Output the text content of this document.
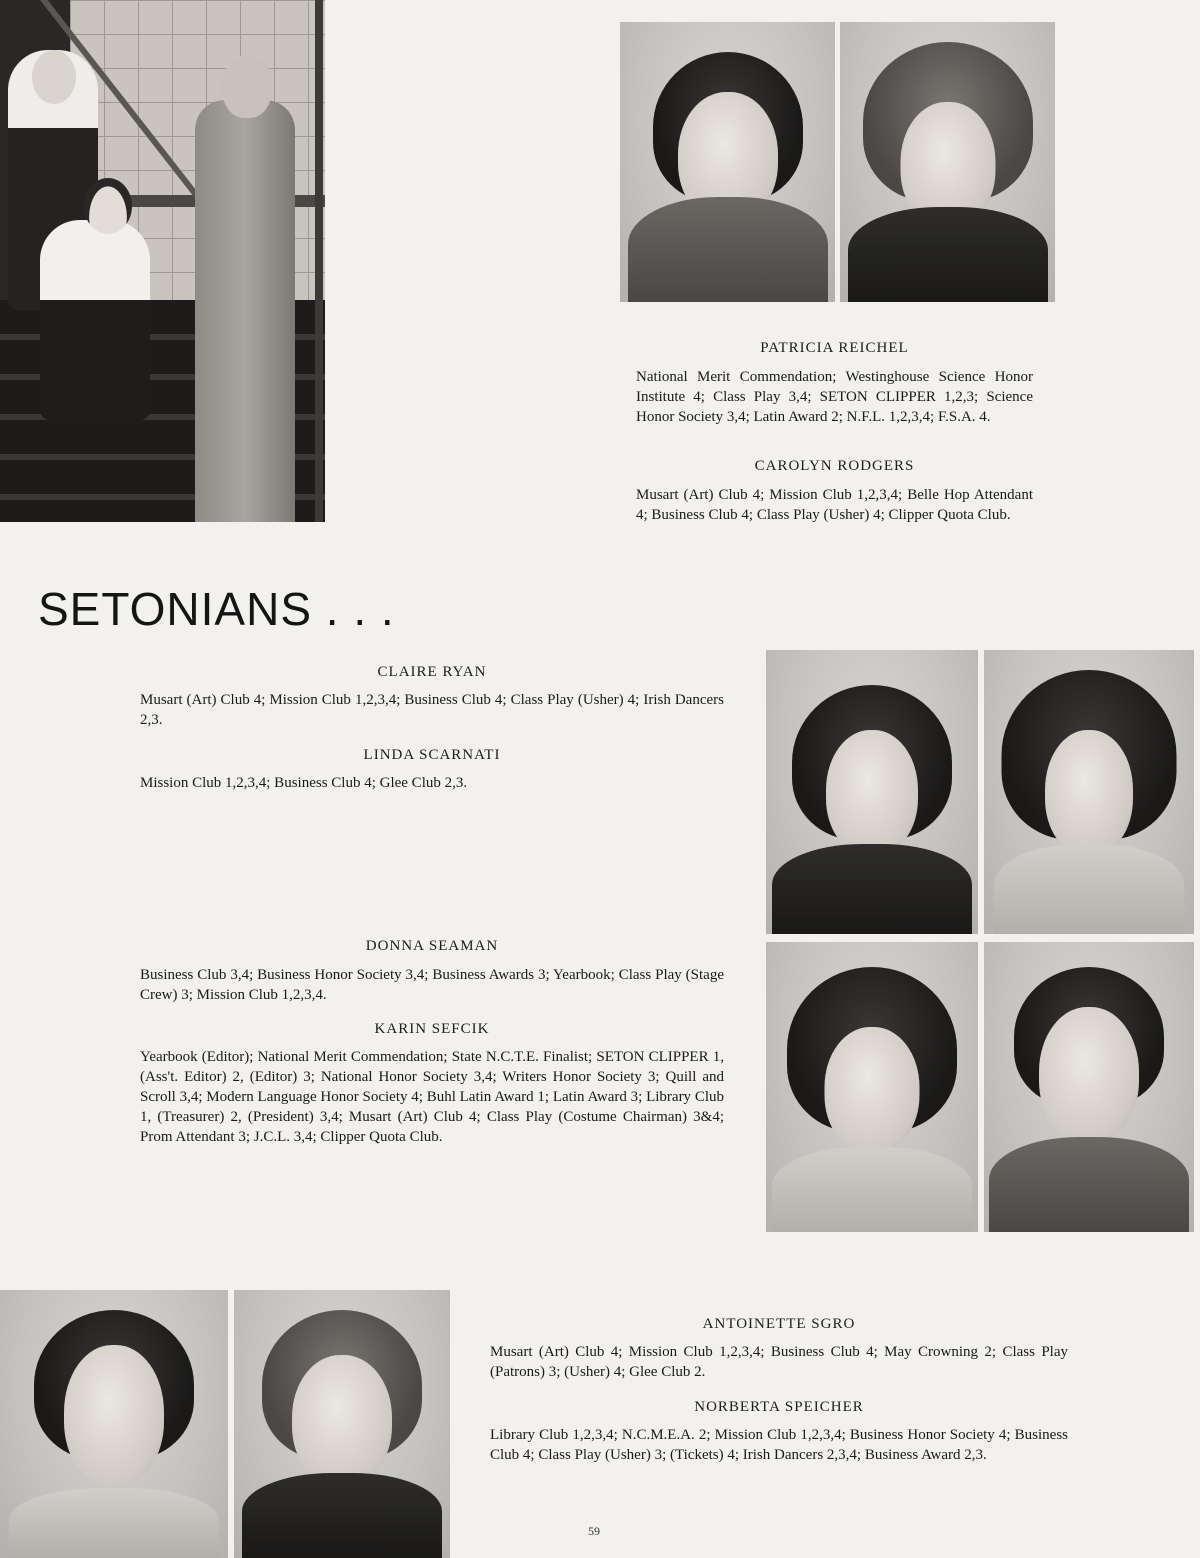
PATRICIA REICHEL
National Merit Commendation; Westinghouse Science Honor Institute 4; Class Play 3,4; SETON CLIPPER 1,2,3; Science Honor Society 3,4; Latin Award 2; N.F.L. 1,2,3,4; F.S.A. 4.
CAROLYN RODGERS
Musart (Art) Club 4; Mission Club 1,2,3,4; Belle Hop Attendant 4; Business Club 4; Class Play (Usher) 4; Clipper Quota Club.
SETONIANS . . .
CLAIRE RYAN
Musart (Art) Club 4; Mission Club 1,2,3,4; Business Club 4; Class Play (Usher) 4; Irish Dancers 2,3.
LINDA SCARNATI
Mission Club 1,2,3,4; Business Club 4; Glee Club 2,3.
DONNA SEAMAN
Business Club 3,4; Business Honor Society 3,4; Business Awards 3; Yearbook; Class Play (Stage Crew) 3; Mission Club 1,2,3,4.
KARIN SEFCIK
Yearbook (Editor); National Merit Commendation; State N.C.T.E. Finalist; SETON CLIPPER 1, (Ass't. Editor) 2, (Editor) 3; National Honor Society 3,4; Writers Honor Society 3; Quill and Scroll 3,4; Modern Language Honor Society 4; Buhl Latin Award 1; Latin Award 3; Library Club 1, (Treasurer) 2, (President) 3,4; Musart (Art) Club 4; Class Play (Costume Chairman) 3&4; Prom Attendant 3; J.C.L. 3,4; Clipper Quota Club.
ANTOINETTE SGRO
Musart (Art) Club 4; Mission Club 1,2,3,4; Business Club 4; May Crowning 2; Class Play (Patrons) 3; (Usher) 4; Glee Club 2.
NORBERTA SPEICHER
Library Club 1,2,3,4; N.C.M.E.A. 2; Mission Club 1,2,3,4; Business Honor Society 4; Business Club 4; Class Play (Usher) 3; (Tickets) 4; Irish Dancers 2,3,4; Business Award 2,3.
59
